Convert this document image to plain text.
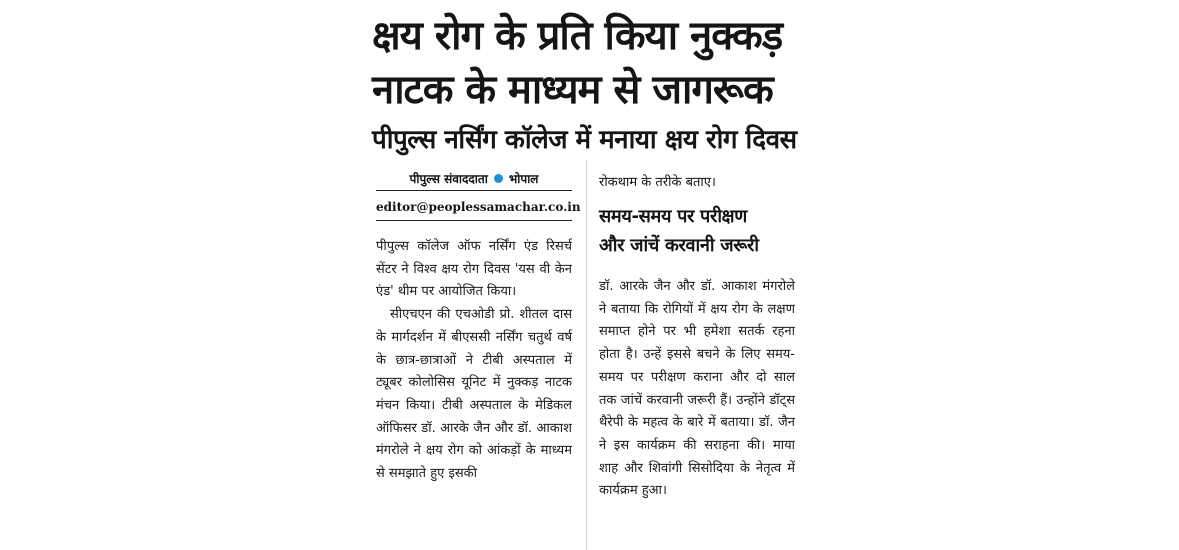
क्षय रोग के प्रति किया नुक्कड़
नाटक के माध्यम से जागरूक
पीपुल्स नर्सिंग कॉलेज में मनाया क्षय रोग दिवस
पीपुल्स संवाददाता भोपाल
editor@peoplessamachar.co.in

पीपुल्स कॉलेज ऑफ नर्सिंग एंड रिसर्च सेंटर ने विश्व क्षय रोग दिवस 'यस वी केन एंड' थीम पर आयोजित किया।

सीएचएन की एचओडी प्रो. शीतल दास के मार्गदर्शन में बीएससी नर्सिंग चतुर्थ वर्ष के छात्र-छात्राओं ने टीबी अस्पताल में ट्यूबर कोलोसिस यूनिट में नुक्कड़ नाटक मंचन किया। टीबी अस्पताल के मेडिकल ऑफिसर डॉ. आरके जैन और डॉ. आकाश मंगरोले ने क्षय रोग को आंकड़ों के माध्यम से समझाते हुए इसकी

रोकथाम के तरीके बताए।
समय-समय पर परीक्षण
और जांचें करवानी जरूरी

डॉ. आरके जैन और डॉ. आकाश मंगरोले ने बताया कि रोगियों में क्षय रोग के लक्षण समाप्त होने पर भी हमेशा सतर्क रहना होता है। उन्हें इससे बचने के लिए समय-समय पर परीक्षण कराना और दो साल तक जांचें करवानी जरूरी हैं। उन्होंने डॉट्स थैरेपी के महत्व के बारे में बताया। डॉ. जैन ने इस कार्यक्रम की सराहना की। माया शाह और शिवांगी सिसोदिया के नेतृत्व में कार्यक्रम हुआ।
